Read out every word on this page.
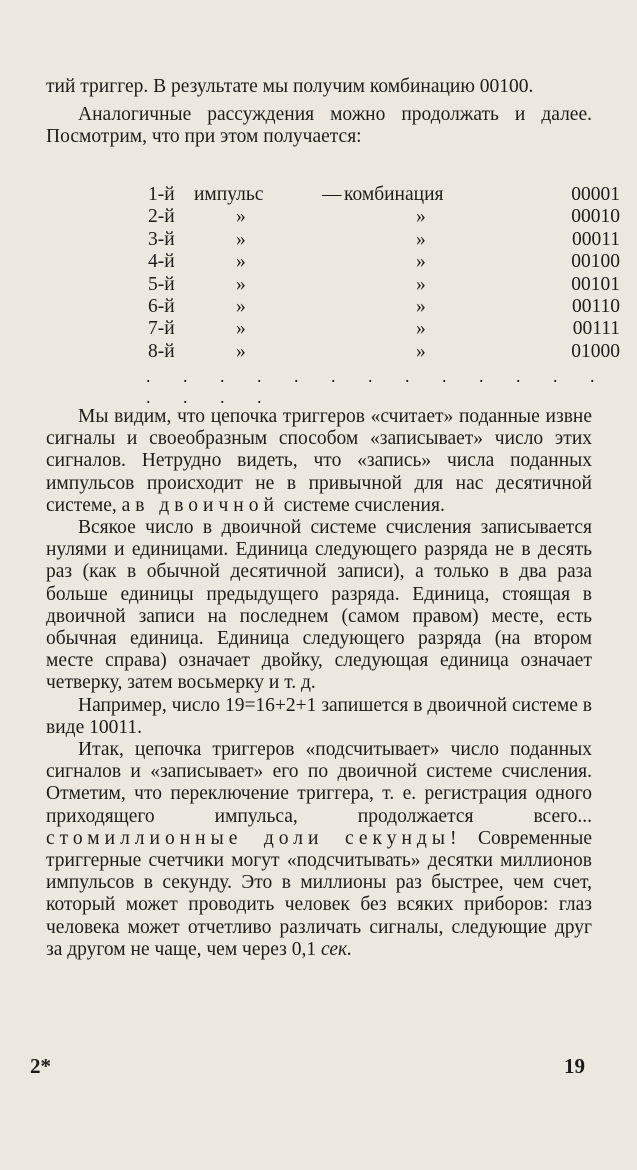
тий триггер. В результате мы получим комбинацию 00100.

Аналогичные рассуждения можно продолжать и далее. Посмотрим, что при этом получается:

1-й	импульс	—	комбинация	00001
2-й	»		»	00010
3-й	»		»	00011
4-й	»		»	00100
5-й	»		»	00101
6-й	»		»	00110
7-й	»		»	00111
8-й	»		»	01000
. . . . . . . . . . . . . . . . .

Мы видим, что цепочка триггеров «считает» поданные извне сигналы и своеобразным способом «записывает» число этих сигналов. Нетрудно видеть, что «запись» числа поданных импульсов происходит не в привычной для нас десятичной системе, а в двоичной системе счисления.

Всякое число в двоичной системе счисления записывается нулями и единицами. Единица следующего разряда не в десять раз (как в обычной десятичной записи), а только в два раза больше единицы предыдущего разряда. Единица, стоящая в двоичной записи на последнем (самом правом) месте, есть обычная единица. Единица следующего разряда (на втором месте справа) означает двойку, следующая единица означает четверку, затем восьмерку и т. д.

Например, число 19=16+2+1 запишется в двоичной системе в виде 10011.

Итак, цепочка триггеров «подсчитывает» число поданных сигналов и «записывает» его по двоичной системе счисления. Отметим, что переключение триггера, т. е. регистрация одного приходящего импульса, продолжается всего... стомиллионные доли секунды! Современные триггерные счетчики могут «подсчитывать» десятки миллионов импульсов в секунду. Это в миллионы раз быстрее, чем счет, который может проводить человек без всяких приборов: глаз человека может отчетливо различать сигналы, следующие друг за другом не чаще, чем через 0,1 сек.

2*	19
